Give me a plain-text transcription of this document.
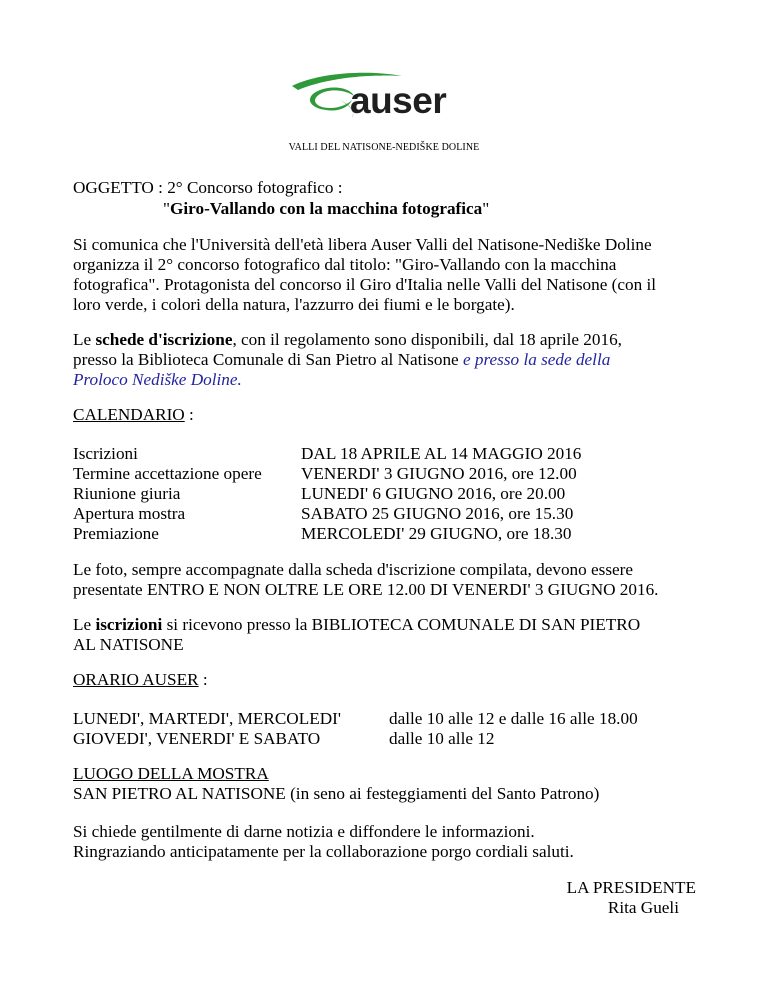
auser
VALLI DEL NATISONE-NEDIŠKE DOLINE
OGGETTO : 2° Concorso fotografico :
"Giro-Vallando con la macchina fotografica"
Si comunica che l'Università dell'età libera Auser Valli del Natisone-Nediške Doline
organizza il 2° concorso fotografico dal titolo: "Giro-Vallando con la macchina
fotografica". Protagonista del concorso il Giro d'Italia nelle Valli del Natisone (con il
loro verde, i colori della natura, l'azzurro dei fiumi e le borgate).
Le schede d'iscrizione, con il regolamento sono disponibili, dal 18 aprile 2016,
presso la Biblioteca Comunale di San Pietro al Natisone e presso la sede della
Proloco Nediške Doline.
CALENDARIO :
Iscrizioni	DAL 18 APRILE AL 14 MAGGIO 2016
Termine accettazione opere VENERDI' 3 GIUGNO 2016, ore 12.00
Riunione giuria	LUNEDI' 6 GIUGNO 2016, ore 20.00
Apertura mostra	SABATO 25 GIUGNO 2016, ore 15.30
Premiazione	MERCOLEDI' 29 GIUGNO, ore 18.30
Le foto, sempre accompagnate dalla scheda d'iscrizione compilata, devono essere
presentate ENTRO E NON OLTRE LE ORE 12.00 DI VENERDI' 3 GIUGNO 2016.
Le iscrizioni si ricevono presso la BIBLIOTECA COMUNALE DI SAN PIETRO
AL NATISONE
ORARIO AUSER :
LUNEDI', MARTEDI', MERCOLEDI'	dalle 10 alle 12 e dalle 16 alle 18.00
GIOVEDI', VENERDI' E SABATO	dalle 10 alle 12
LUOGO DELLA MOSTRA
SAN PIETRO AL NATISONE (in seno ai festeggiamenti del Santo Patrono)
Si chiede gentilmente di darne notizia e diffondere le informazioni.
Ringraziando anticipatamente per la collaborazione porgo cordiali saluti.
LA PRESIDENTE
Rita Gueli
